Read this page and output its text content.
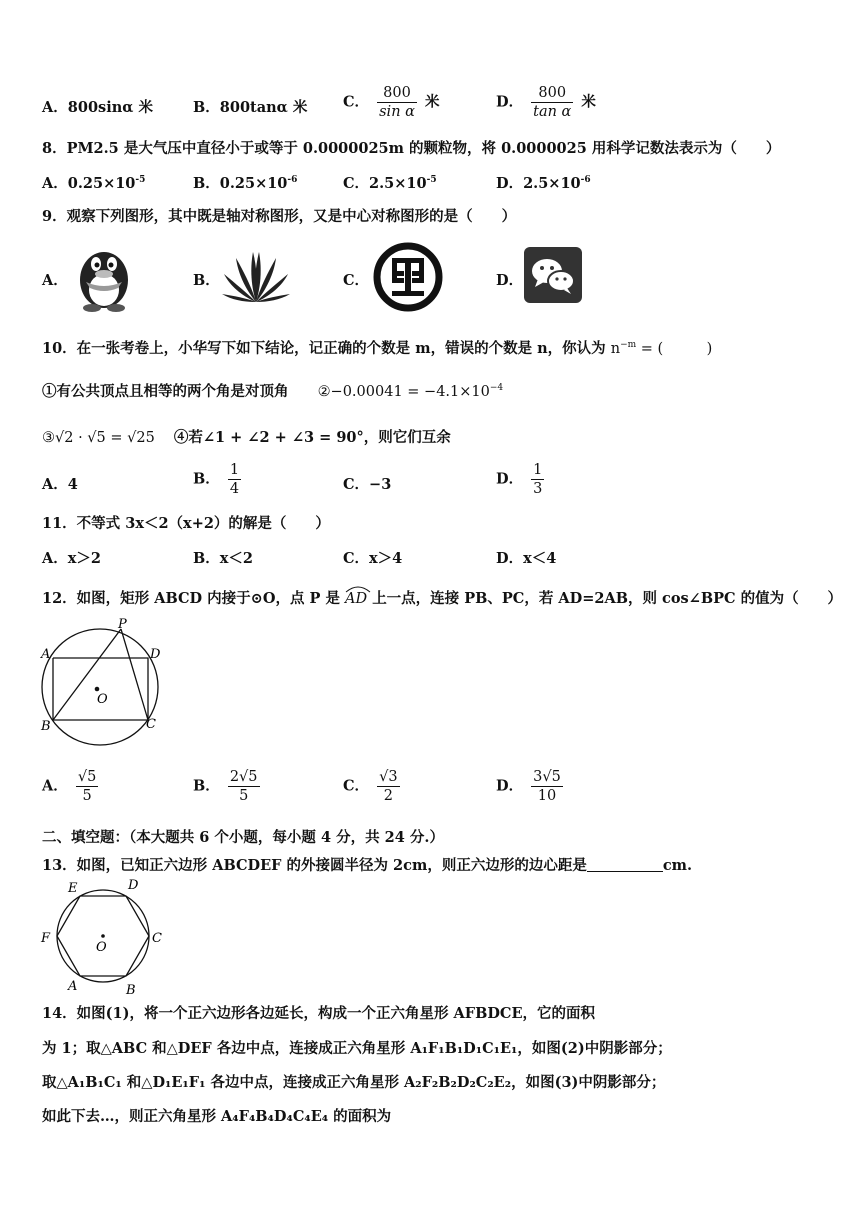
A．800sinα 米	B．800tanα 米 C． $\frac{800}{\text{sin α}}$ 米	D． $\frac{800}{\text{tan α}}$ 米
8．PM2.5 是大气压中直径小于或等于 0.0000025m 的颗粒物，将 0.0000025 用科学记数法表示为（　　）
A．$0.25\times 10^{-5}$	B．$0.25\times 10^{-6}$	C．$2.5\times 10^{-5}$	D．$2.5\times 10^{-6}$
9．观察下列图形，其中既是轴对称图形，又是中心对称图形的是（　　）
A．	B．	C．	D．
10．在一张考卷上，小华写下如下结论，记正确的个数是 m，错误的个数是 n，你认为 $n^{-m}$ = (　　　)
①有公共顶点且相等的两个角是对顶角 ②−0.00041 = $-4.1\times 10^{-4}$
③√2 · √5 = √25 ④若∠1 + ∠2 + ∠3 = 90°，则它们互余
A．4	B． $\frac{1}{4}$	C．−3	D． $\frac{1}{3}$
11．不等式 3x＜2（x+2）的解是（　　）
A．x＞2	B．x＜2	C．x＞4	D．x＜4
12．如图，矩形 ABCD 内接于⊙O，点 P 是 AD 上一点，连接 PB、PC，若 AD=2AB，则 cos∠BPC 的值为（　　）
P
A	D
O
B	C
A． $\frac{√5}{5}$	B． $\frac{2√5}{5}$	C． $\frac{√3}{2}$	D． $\frac{3√5}{10}$
二、填空题：（本大题共 6 个小题，每小题 4 分，共 24 分.）
13．如图，已知正六边形 ABCDEF 的外接圆半径为 2cm，则正六边形的边心距是	cm.
E	D
F	C
O
A	B
14．如图(1)，将一个正六边形各边延长，构成一个正六角星形 AFBDCE，它的面积
为 1；取△ABC 和△DEF 各边中点，连接成正六角星形 A₁F₁B₁D₁C₁E₁，如图(2)中阴影部分；
取△A₁B₁C₁ 和△D₁E₁F₁ 各边中点，连接成正六角星形 A₂F₂B₂D₂C₂E₂，如图(3)中阴影部分；
如此下去…，则正六角星形 A₄F₄B₄D₄C₄E₄ 的面积为
